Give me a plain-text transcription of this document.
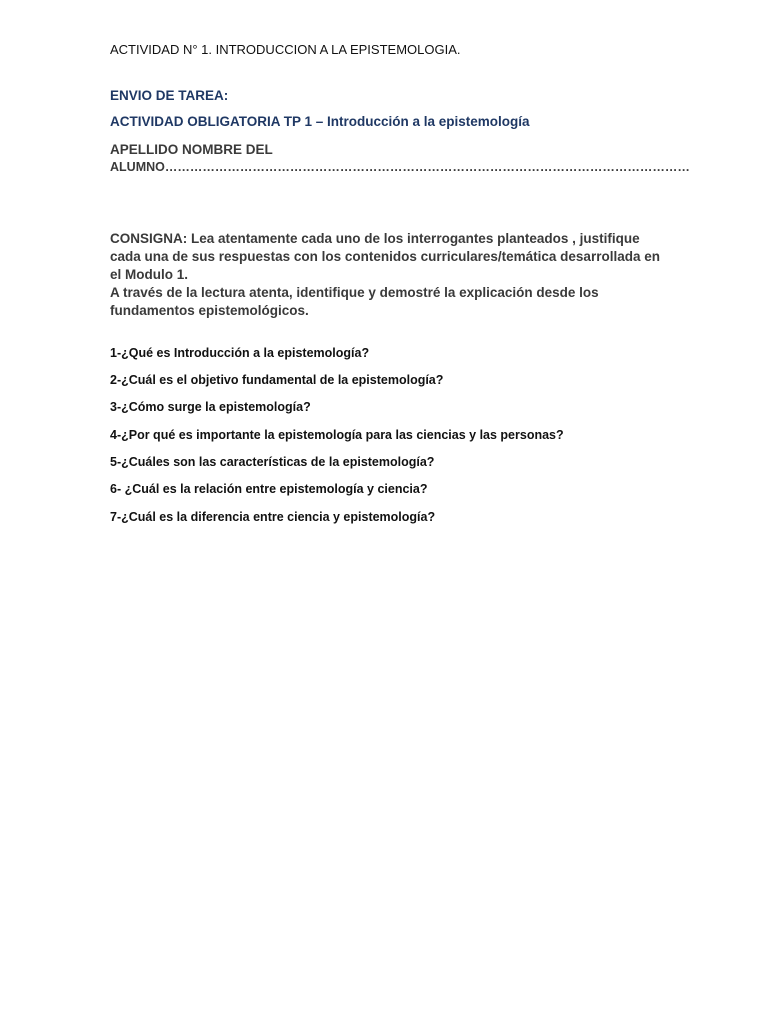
ACTIVIDAD N° 1. INTRODUCCION A LA EPISTEMOLOGIA.
ENVIO DE TAREA:
ACTIVIDAD OBLIGATORIA TP 1 – Introducción a la epistemología
APELLIDO NOMBRE DEL
ALUMNO………………………………………………………………………………………………………………

CONSIGNA: Lea atentamente cada uno de los interrogantes planteados , justifique cada una de sus respuestas con los contenidos curriculares/temática desarrollada en el Modulo 1.

A través de la lectura atenta, identifique y demostré la explicación desde los fundamentos epistemológicos.

1-¿Qué es Introducción a la epistemología?
2-¿Cuál es el objetivo fundamental de la epistemología?
3-¿Cómo surge la epistemología?
4-¿Por qué es importante la epistemología para las ciencias y las personas?
5-¿Cuáles son las características de la epistemología?
6- ¿Cuál es la relación entre epistemología y ciencia?
7-¿Cuál es la diferencia entre ciencia y epistemología?
